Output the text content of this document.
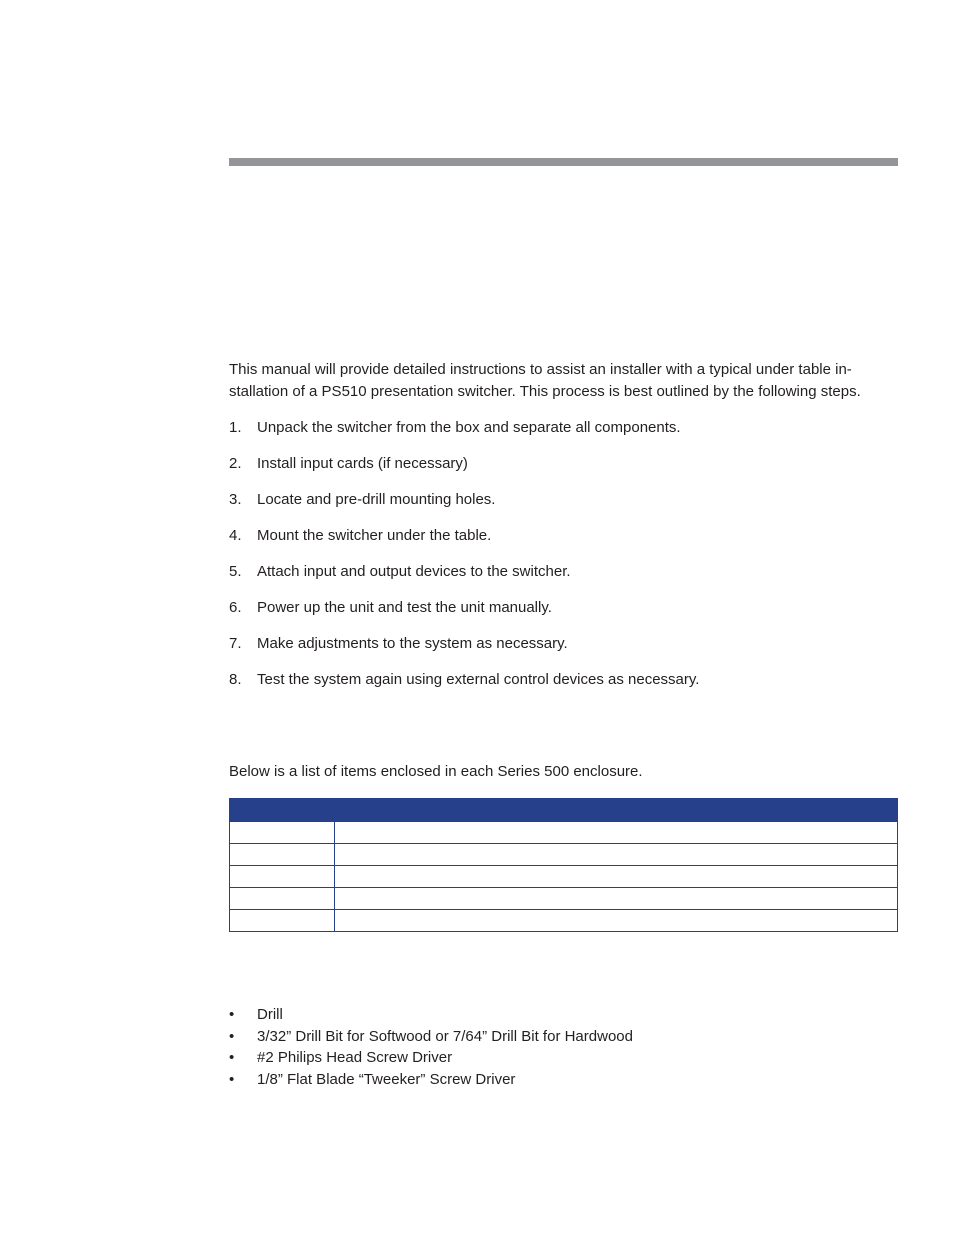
This manual will provide detailed instructions to assist an installer with a typical under table in-stallation of a PS510 presentation switcher. This process is best outlined by the following steps.

1.	Unpack the switcher from the box and separate all components.
2.	Install input cards (if necessary)
3.	Locate and pre-drill mounting holes.
4.	Mount the switcher under the table.
5.	Attach input and output devices to the switcher.
6.	Power up the unit and test the unit manually.
7.	Make adjustments to the system as necessary.
8.	Test the system again using external control devices as necessary.

Below is a list of items enclosed in each Series 500 enclosure.

•	Drill
•	3/32” Drill Bit for Softwood or 7/64” Drill Bit for Hardwood
•	#2 Philips Head Screw Driver
•	1/8” Flat Blade “Tweeker” Screw Driver
